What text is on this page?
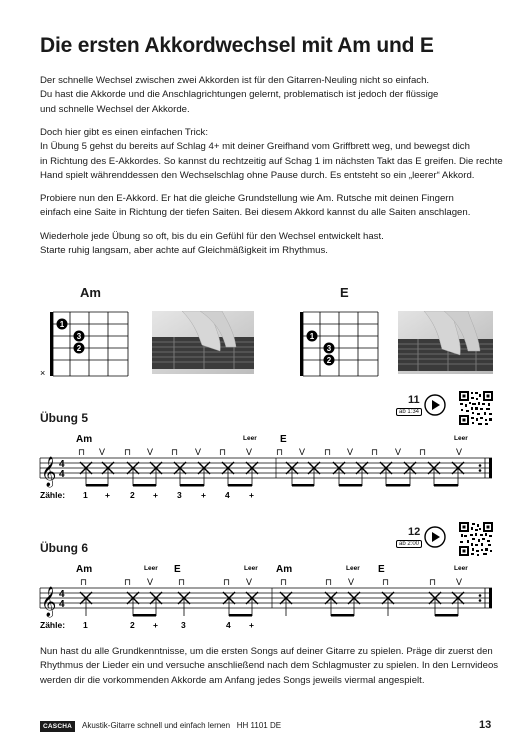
Die ersten Akkordwechsel mit Am und E
Der schnelle Wechsel zwischen zwei Akkorden ist für den Gitarren-Neuling nicht so einfach.
Du hast die Akkorde und die Anschlagrichtungen gelernt, problematisch ist jedoch der flüssige
und schnelle Wechsel der Akkorde.
Doch hier gibt es einen einfachen Trick:
In Übung 5 gehst du bereits auf Schlag 4+ mit deiner Greifhand vom Griffbrett weg, und bewegst dich
in Richtung des E-Akkordes. So kannst du rechtzeitig auf Schag 1 im nächsten Takt das E greifen. Die rechte
Hand spielt währenddessen den Wechselschlag ohne Pause durch. Es entsteht so ein „leerer“ Akkord.
Probiere nun den E-Akkord. Er hat die gleiche Grundstellung wie Am. Rutsche mit deinen Fingern
einfach eine Saite in Richtung der tiefen Saiten. Bei diesem Akkord kannst du alle Saiten anschlagen.
Wiederhole jede Übung so oft, bis du ein Gefühl für den Wechsel entwickelt hast.
Starte ruhig langsam, aber achte auf Gleichmäßigkeit im Rhythmus.
Am
1
3
2
×
E
1
3
2
Übung 5
11
ab 1:34
Am	Leer E	Leer
⊓ V ⊓ V ⊓ V ⊓ V	⊓ V ⊓ V ⊓ V ⊓	V
𝄞 4
4
Zähle: 1 + 2 + 3 + 4 +
Übung 6
12
ab 2:00
Am	Leer E	Leer Am	Leer E	Leer
⊓	⊓ V	⊓	⊓ V	⊓	⊓ V	⊓	⊓ V
𝄞 4
4
Zähle: 1	2 +	3	4 +
Nun hast du alle Grundkenntnisse, um die ersten Songs auf deiner Gitarre zu spielen. Präge dir zuerst den
Rhythmus der Lieder ein und versuche anschließend nach dem Schlagmuster zu spielen. In den Lernvideos
werden dir die vorkommenden Akkorde am Anfang jedes Songs jeweils viermal angespielt.
CASCHA	Akustik-Gitarre schnell und einfach lernen HH 1101 DE	13
